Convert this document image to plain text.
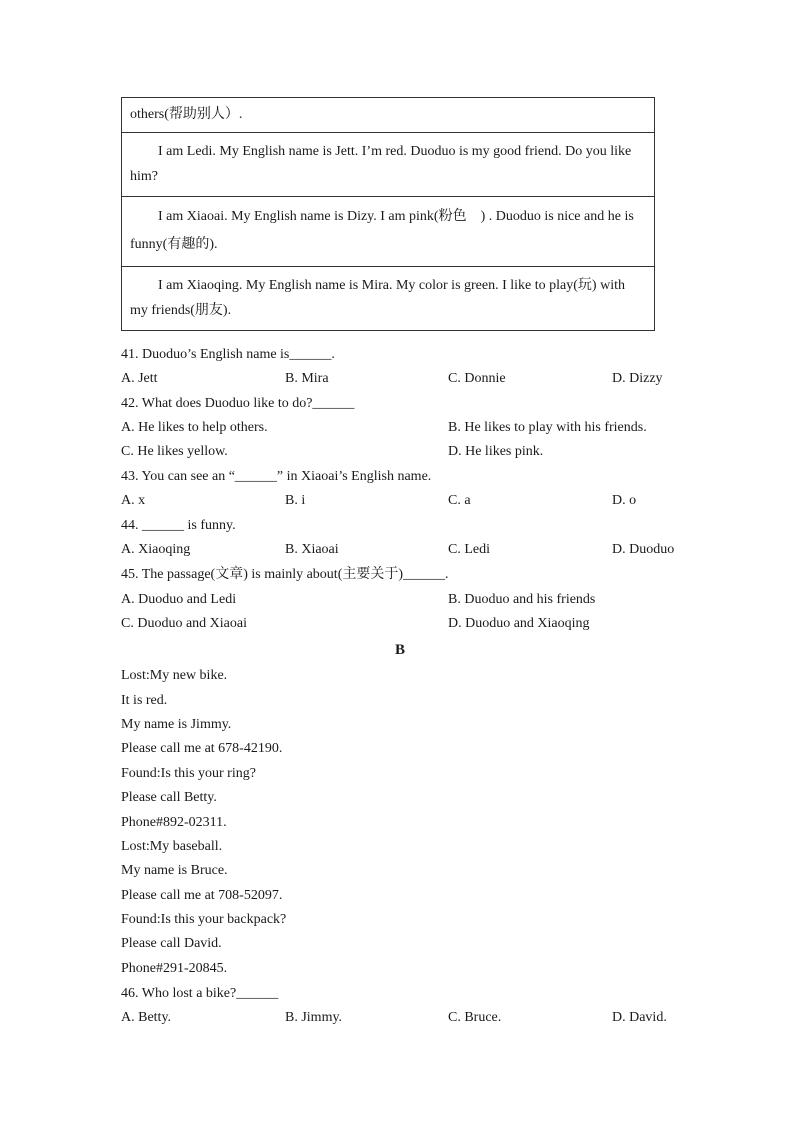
others(帮助别人）.
I am Ledi. My English name is Jett. I’m red. Duoduo is my good friend. Do you like him?
I am Xiaoai. My English name is Dizy. I am pink(粉色　) . Duoduo is nice and he is funny(有趣的).
I am Xiaoqing. My English name is Mira. My color is green. I like to play(玩) with my friends(朋友).
41. Duoduo’s English name is______.
A. Jett	B. Mira	C. Donnie	D. Dizzy
42. What does Duoduo like to do?______
A. He likes to help others.	B. He likes to play with his friends.
C. He likes yellow.	D. He likes pink.
43. You can see an “______” in Xiaoai’s English name.
A. x	B. i	C. a	D. o
44. ______ is funny.
A. Xiaoqing	B. Xiaoai	C. Ledi	D. Duoduo
45. The passage(文章) is mainly about(主要关于)______.
A. Duoduo and Ledi	B. Duoduo and his friends
C. Duoduo and Xiaoai	D. Duoduo and Xiaoqing
B
Lost:My new bike.
It is red.
My name is Jimmy.
Please call me at 678-42190.
Found:Is this your ring?
Please call Betty.
Phone#892-02311.
Lost:My baseball.
My name is Bruce.
Please call me at 708-52097.
Found:Is this your backpack?
Please call David.
Phone#291-20845.
46. Who lost a bike?______
A. Betty.	B. Jimmy.	C. Bruce.	D. David.
